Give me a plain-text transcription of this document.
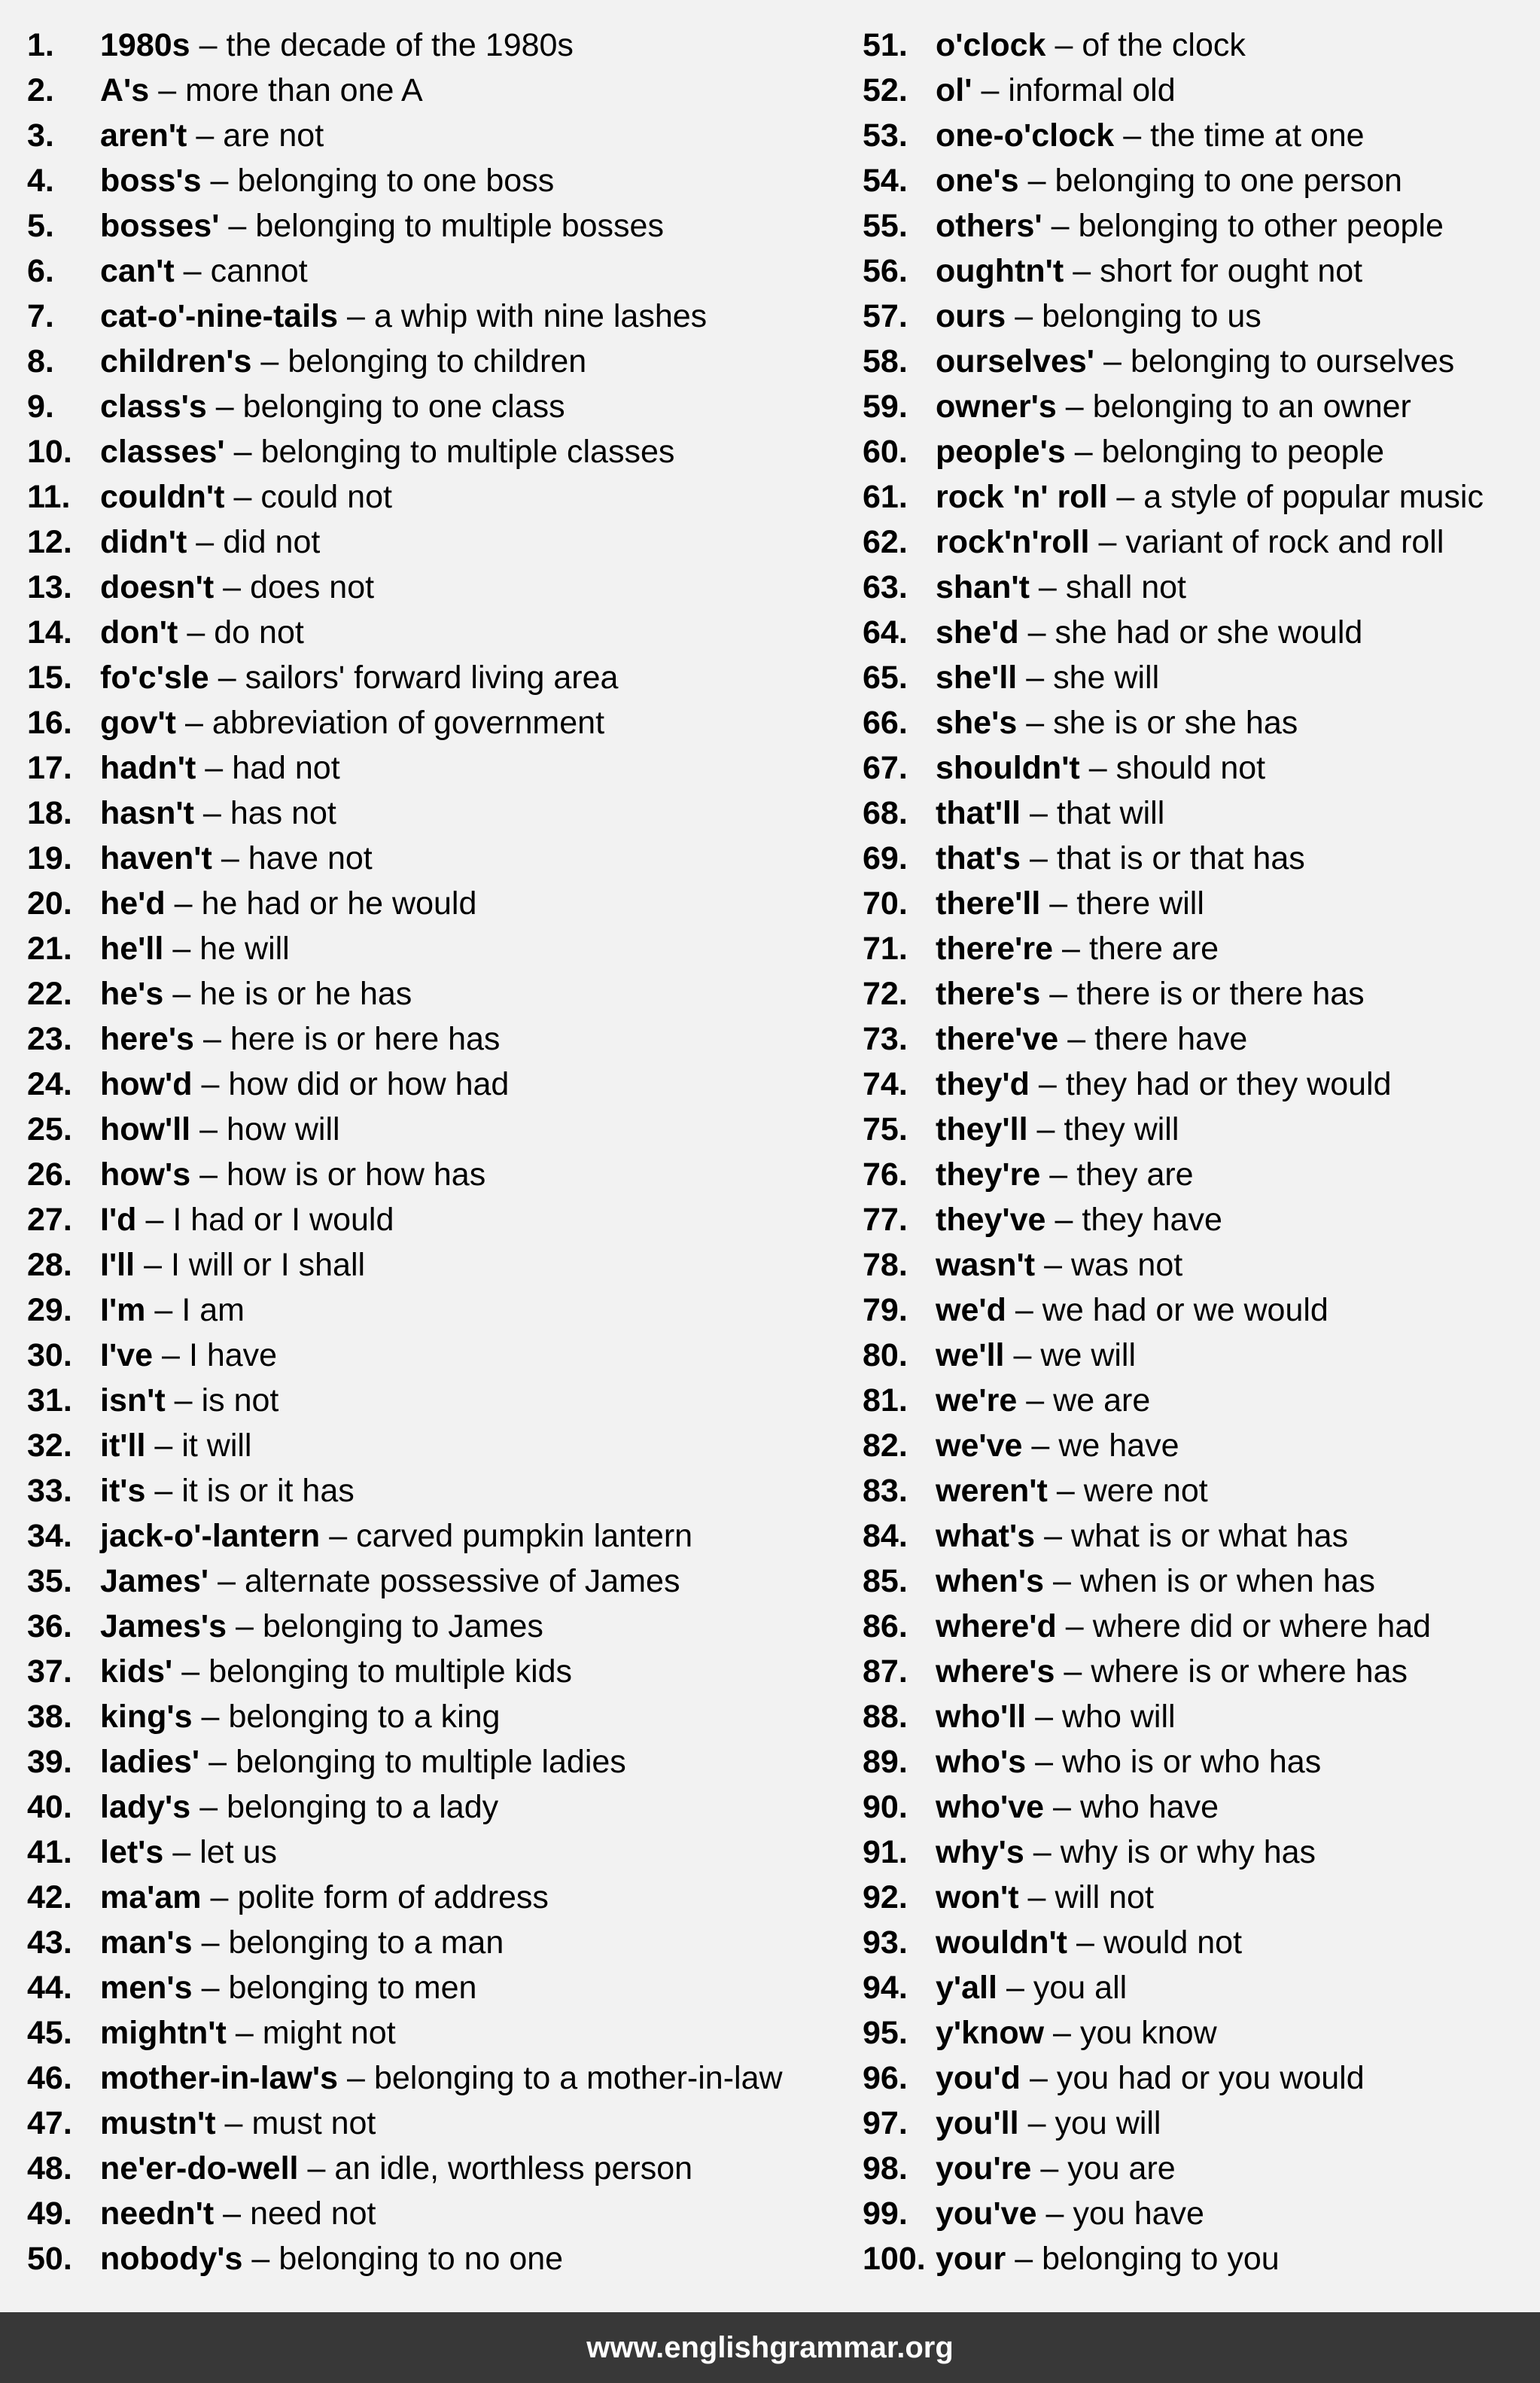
1.	1980s – the decade of the 1980s
2.	A's – more than one A
3.	aren't – are not
4.	boss's – belonging to one boss
5.	bosses' – belonging to multiple bosses
6.	can't – cannot
7.	cat-o'-nine-tails – a whip with nine lashes
8.	children's – belonging to children
9.	class's – belonging to one class
10. classes' – belonging to multiple classes
11. couldn't – could not
12. didn't – did not
13. doesn't – does not
14. don't – do not
15. fo'c'sle – sailors' forward living area
16. gov't – abbreviation of government
17. hadn't – had not
18. hasn't – has not
19. haven't – have not
20. he'd – he had or he would
21. he'll – he will
22. he's – he is or he has
23. here's – here is or here has
24. how'd – how did or how had
25. how'll – how will
26. how's – how is or how has
27. I'd – I had or I would
28. I'll – I will or I shall
29. I'm – I am
30. I've – I have
31. isn't – is not
32. it'll – it will
33. it's – it is or it has
34. jack-o'-lantern – carved pumpkin lantern
35. James' – alternate possessive of James
36. James's – belonging to James
37. kids' – belonging to multiple kids
38. king's – belonging to a king
39. ladies' – belonging to multiple ladies
40. lady's – belonging to a lady
41. let's – let us
42. ma'am – polite form of address
43. man's – belonging to a man
44. men's – belonging to men
45. mightn't – might not
46. mother-in-law's – belonging to a mother-in-law
47. mustn't – must not
48. ne'er-do-well – an idle, worthless person
49. needn't – need not
50. nobody's – belonging to no one
51. o'clock – of the clock
52. ol' – informal old
53. one-o'clock – the time at one
54. one's – belonging to one person
55. others' – belonging to other people
56. oughtn't – short for ought not
57. ours – belonging to us
58. ourselves' – belonging to ourselves
59. owner's – belonging to an owner
60. people's – belonging to people
61. rock 'n' roll – a style of popular music
62. rock'n'roll – variant of rock and roll
63. shan't – shall not
64. she'd – she had or she would
65. she'll – she will
66. she's – she is or she has
67. shouldn't – should not
68. that'll – that will
69. that's – that is or that has
70. there'll – there will
71. there're – there are
72. there's – there is or there has
73. there've – there have
74. they'd – they had or they would
75. they'll – they will
76. they're – they are
77. they've – they have
78. wasn't – was not
79. we'd – we had or we would
80. we'll – we will
81. we're – we are
82. we've – we have
83. weren't – were not
84. what's – what is or what has
85. when's – when is or when has
86. where'd – where did or where had
87. where's – where is or where has
88. who'll – who will
89. who's – who is or who has
90. who've – who have
91. why's – why is or why has
92. won't – will not
93. wouldn't – would not
94. y'all – you all
95. y'know – you know
96. you'd – you had or you would
97. you'll – you will
98. you're – you are
99. you've – you have
100. your – belonging to you
www.englishgrammar.org
